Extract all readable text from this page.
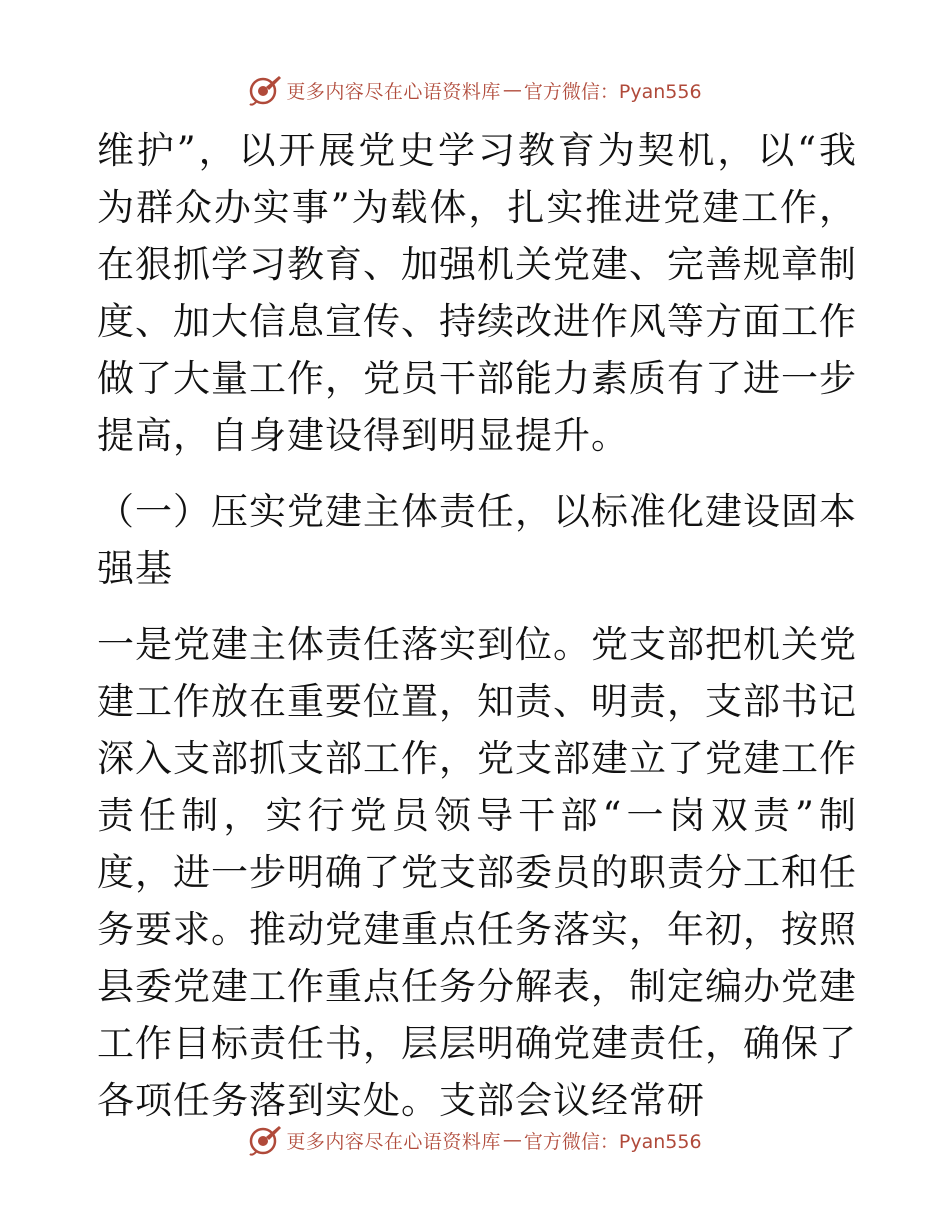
更多内容尽在心语资料库 — 官方微信：Pyan556

维护”，以开展党史学习教育为契机，以“我为群众办实事”为载体，扎实推进党建工作，在狠抓学习教育、加强机关党建、完善规章制度、加大信息宣传、持续改进作风等方面工作做了大量工作，党员干部能力素质有了进一步提高，自身建设得到明显提升。

（一）压实党建主体责任，以标准化建设固本强基

一是党建主体责任落实到位。党支部把机关党建工作放在重要位置，知责、明责，支部书记深入支部抓支部工作，党支部建立了党建工作责任制，实行党员领导干部“一岗双责”制度，进一步明确了党支部委员的职责分工和任务要求。推动党建重点任务落实，年初，按照县委党建工作重点任务分解表，制定编办党建工作目标责任书，层层明确党建责任，确保了各项任务落到实处。支部会议经常研

更多内容尽在心语资料库 — 官方微信：Pyan556
